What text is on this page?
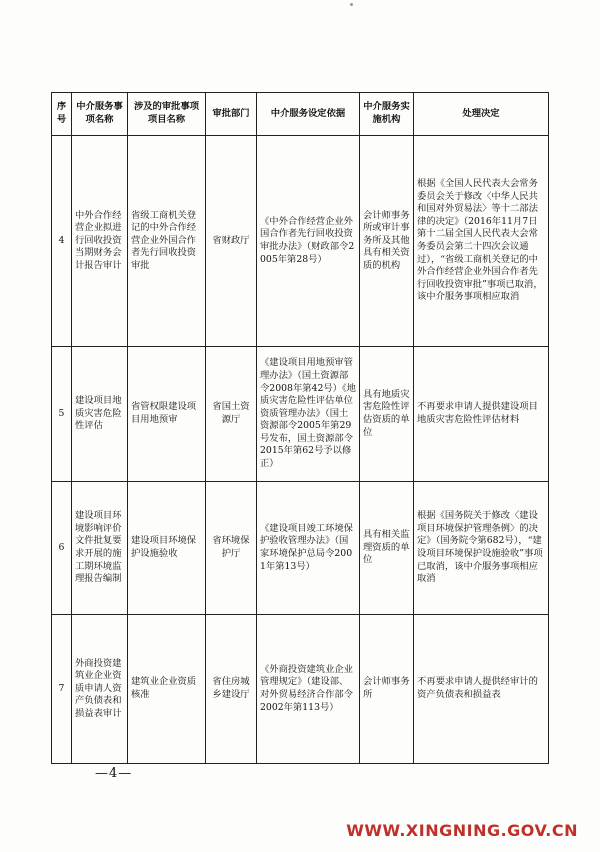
序号	中介服务事项名称	涉及的审批事项项目名称	审批部门	中介服务设定依据	中介服务实施机构	处理决定
4	中外合作经营企业拟进行回收投资当期财务会计报告审计	省级工商机关登记的中外合作经营企业外国合作者先行回收投资审批	省财政厅	《中外合作经营企业外国合作者先行回收投资审批办法》（财政部令2005年第28号）	会计师事务所或审计事务所及其他具有相关资质的机构	根据《全国人民代表大会常务委员会关于修改〈中华人民共和国对外贸易法〉等十二部法律的决定》（2016年11月7日第十二届全国人民代表大会常务委员会第二十四次会议通过），“省级工商机关登记的中外合作经营企业外国合作者先行回收投资审批”事项已取消，该中介服务事项相应取消
5	建设项目地质灾害危险性评估	省管权限建设项目用地预审	省国土资源厅	《建设项目用地预审管理办法》（国土资源部令2008年第42号）《地质灾害危险性评估单位资质管理办法》（国土资源部令2005年第29号发布，国土资源部令2015年第62号予以修正）	具有地质灾害危险性评估资质的单位	不再要求申请人提供建设项目地质灾害危险性评估材料
6	建设项目环境影响评价文件批复要求开展的施工期环境监理报告编制	建设项目环境保护设施验收	省环境保护厅	《建设项目竣工环境保护验收管理办法》（国家环境保护总局令2001年第13号）	具有相关监理资质的单位	根据《国务院关于修改〈建设项目环境保护管理条例〉的决定》（国务院令第682号），“建设项目环境保护设施验收”事项已取消，该中介服务事项相应取消
7	外商投资建筑业企业资质申请人资产负债表和损益表审计	建筑业企业资质核准	省住房城乡建设厅	《外商投资建筑业企业管理规定》（建设部、对外贸易经济合作部令2002年第113号）	会计师事务所	不再要求申请人提供经审计的资产负债表和损益表
—4—
WWW.XINGNING.GOV.CN
